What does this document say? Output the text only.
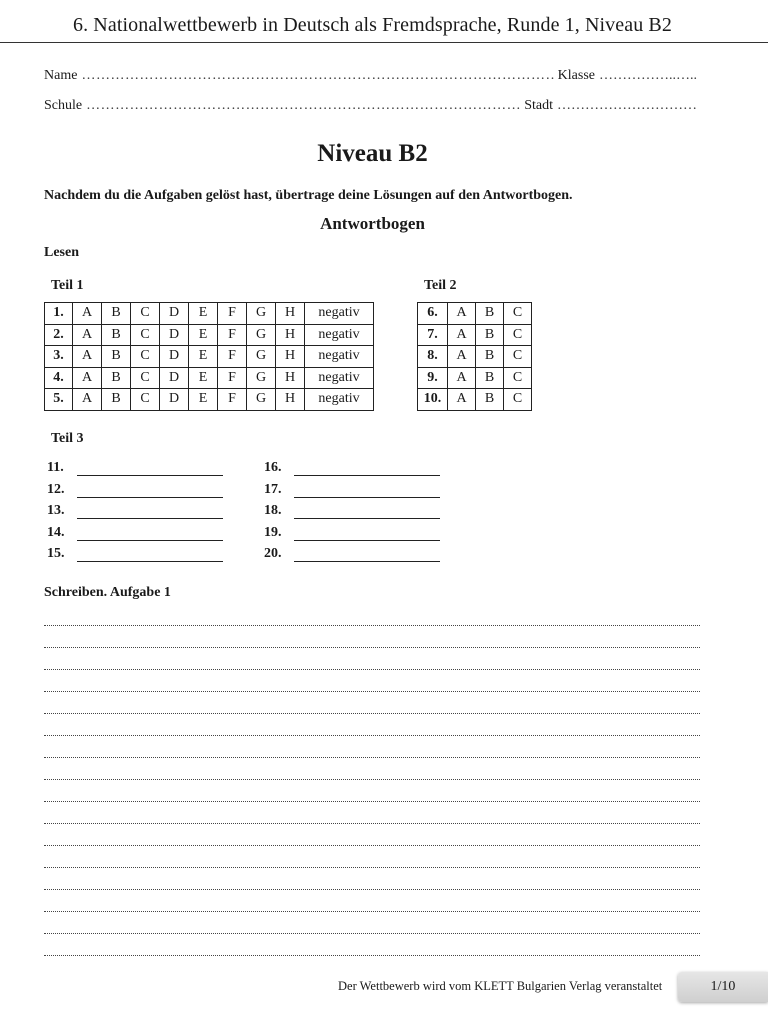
6. Nationalwettbewerb in Deutsch als Fremdsprache, Runde 1, Niveau B2
Name ………………………………………………………………………………………………………………………………………………………………	Klasse ……………..…..
Schule ………………………………………………………………………………………………………………………………………………………………	Stadt …………………………
Niveau B2
Nachdem du die Aufgaben gelöst hast, übertrage deine Lösungen auf den Antwortbogen.
Antwortbogen
Lesen
Teil 1
1.	A	B	C	D	E	F	G	H	negativ
2.	A	B	C	D	E	F	G	H	negativ
3.	A	B	C	D	E	F	G	H	negativ
4.	A	B	C	D	E	F	G	H	negativ
5.	A	B	C	D	E	F	G	H	negativ
Teil 2
6.	A	B	C
7.	A	B	C
8.	A	B	C
9.	A	B	C
10.	A	B	C
Teil 3
11.
12.
13.
14.
15.
16.
17.
18.
19.
20.
Schreiben. Aufgabe 1
Der Wettbewerb wird vom KLETT Bulgarien Verlag veranstaltet	1/10
